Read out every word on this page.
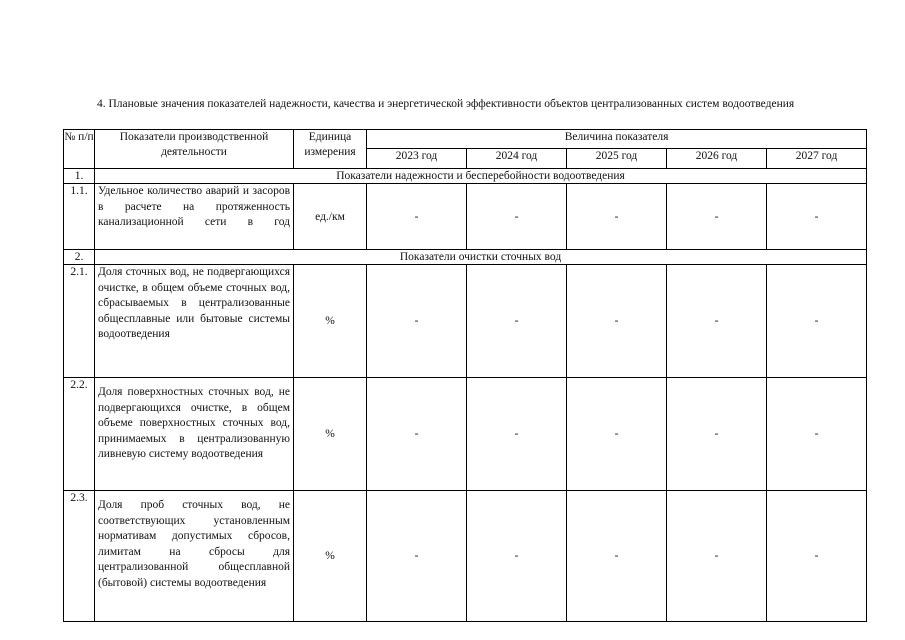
4. Плановые значения показателей надежности, качества и энергетической эффективности объектов централизованных систем водоотведения

№ п/п	Показатели производственной деятельности	Единица измерения	Величина показателя				
			2023 год	2024 год	2025 год	2026 год	2027 год
1.	Показатели надежности и бесперебойности водоотведения						
1.1.	Удельное количество аварий и засоров в расчете на протяженность канализационной сети в год	ед./км	-	-	-	-	-
2.	Показатели очистки сточных вод						
2.1.	Доля сточных вод, не подвергающихся очистке, в общем объеме сточных вод, сбрасываемых в централизованные общесплавные или бытовые системы водоотведения	%	-	-	-	-	-
2.2.	Доля поверхностных сточных вод, не подвергающихся очистке, в общем объеме поверхностных сточных вод, принимаемых в централизованную ливневую систему водоотведения	%	-	-	-	-	-
2.3.	Доля проб сточных вод, не соответствующих установленным нормативам допустимых сбросов, лимитам на сбросы для централизованной общесплавной (бытовой) системы водоотведения	%	-	-	-	-	-
